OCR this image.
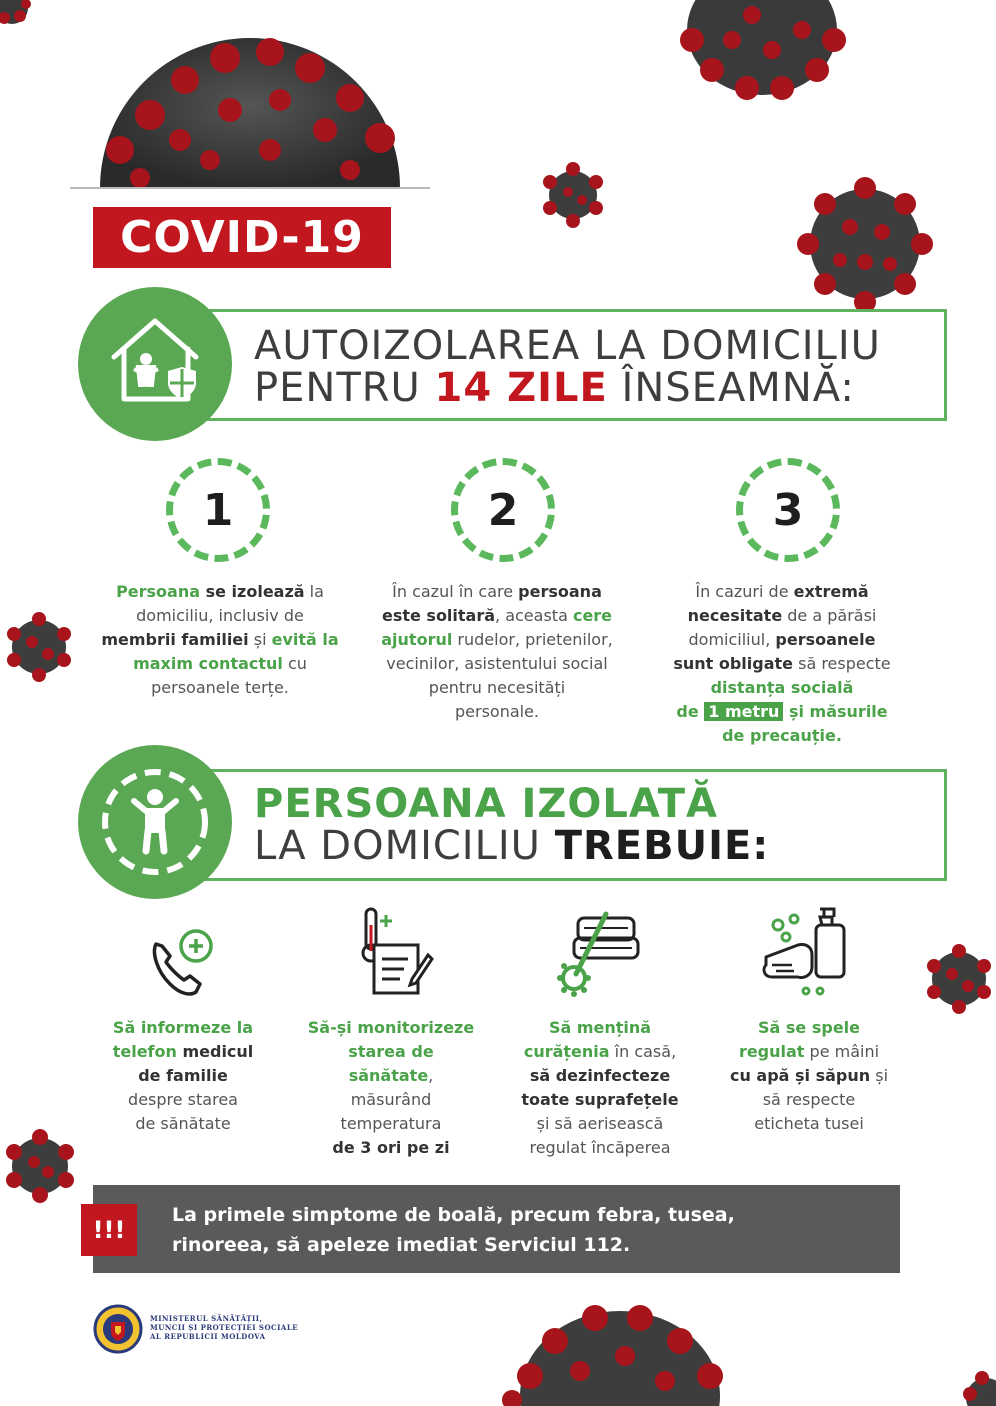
COVID-19
AUTOIZOLAREA LA DOMICILIU
PENTRU 14 ZILE ÎNSEAMNĂ:
1	2	3
Persoana se izolează la
domiciliu, inclusiv de
membrii familiei și evită la
maxim contactul cu
persoanele terțe.
În cazul în care persoana
este solitară, aceasta cere
ajutorul rudelor, prietenilor,
vecinilor, asistentului social
pentru necesități
personale.
În cazuri de extremă
necesitate de a părăsi
domiciliul, persoanele
sunt obligate să respecte
distanța socială
de 1 metru și măsurile
de precauție.
PERSOANA IZOLATĂ
LA DOMICILIU TREBUIE:
Să informeze la
telefon medicul
de familie
despre starea
de sănătate
Să-și monitorizeze
starea de
sănătate,
măsurând
temperatura
de 3 ori pe zi
Să mențină
curățenia în casă,
să dezinfecteze
toate suprafețele
și să aerisească
regulat încăperea
Să se spele
regulat pe mâini
cu apă și săpun și
să respecte
eticheta tusei
!!!
La primele simptome de boală, precum febra, tusea,
rinoreea, să apeleze imediat Serviciul 112.
MINISTERUL SĂNĂTĂȚII,
MUNCII ȘI PROTECȚIEI SOCIALE
AL REPUBLICII MOLDOVA
